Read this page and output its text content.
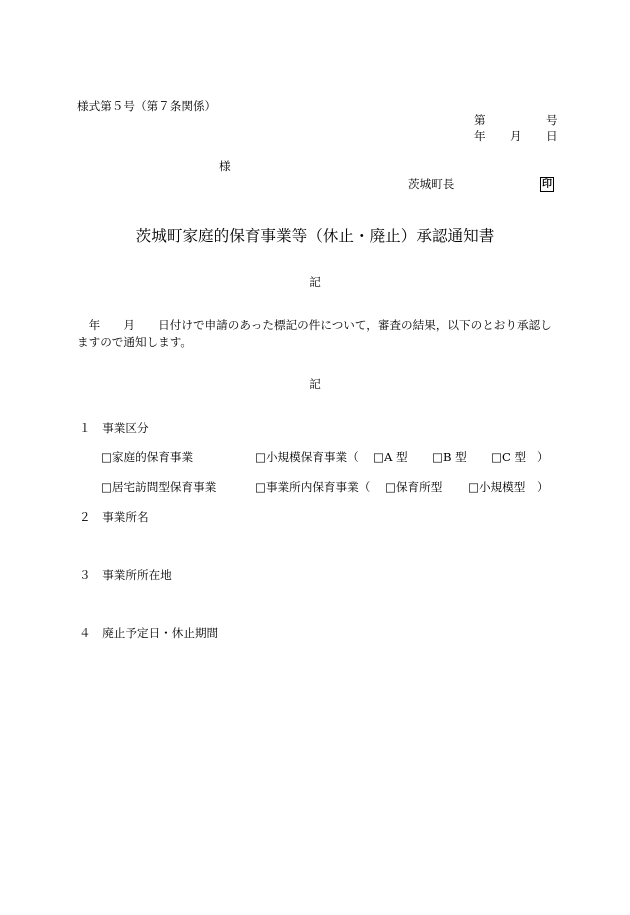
様式第５号（第７条関係）
第	号
年 月 日
様
茨城町長	印
茨城町家庭的保育事業等（休止・廃止）承認通知書
記
　年　　月　　日付けで申請のあった標記の件について，審査の結果，以下のとおり承認し
ますので通知します。
記
１　事業区分
□家庭的保育事業	□小規模保育事業（ □A 型 □B 型 □C 型 ）
□居宅訪問型保育事業	□事業所内保育事業（ □保育所型 □小規模型 ）
２　事業所名
３　事業所所在地
４　廃止予定日・休止期間
